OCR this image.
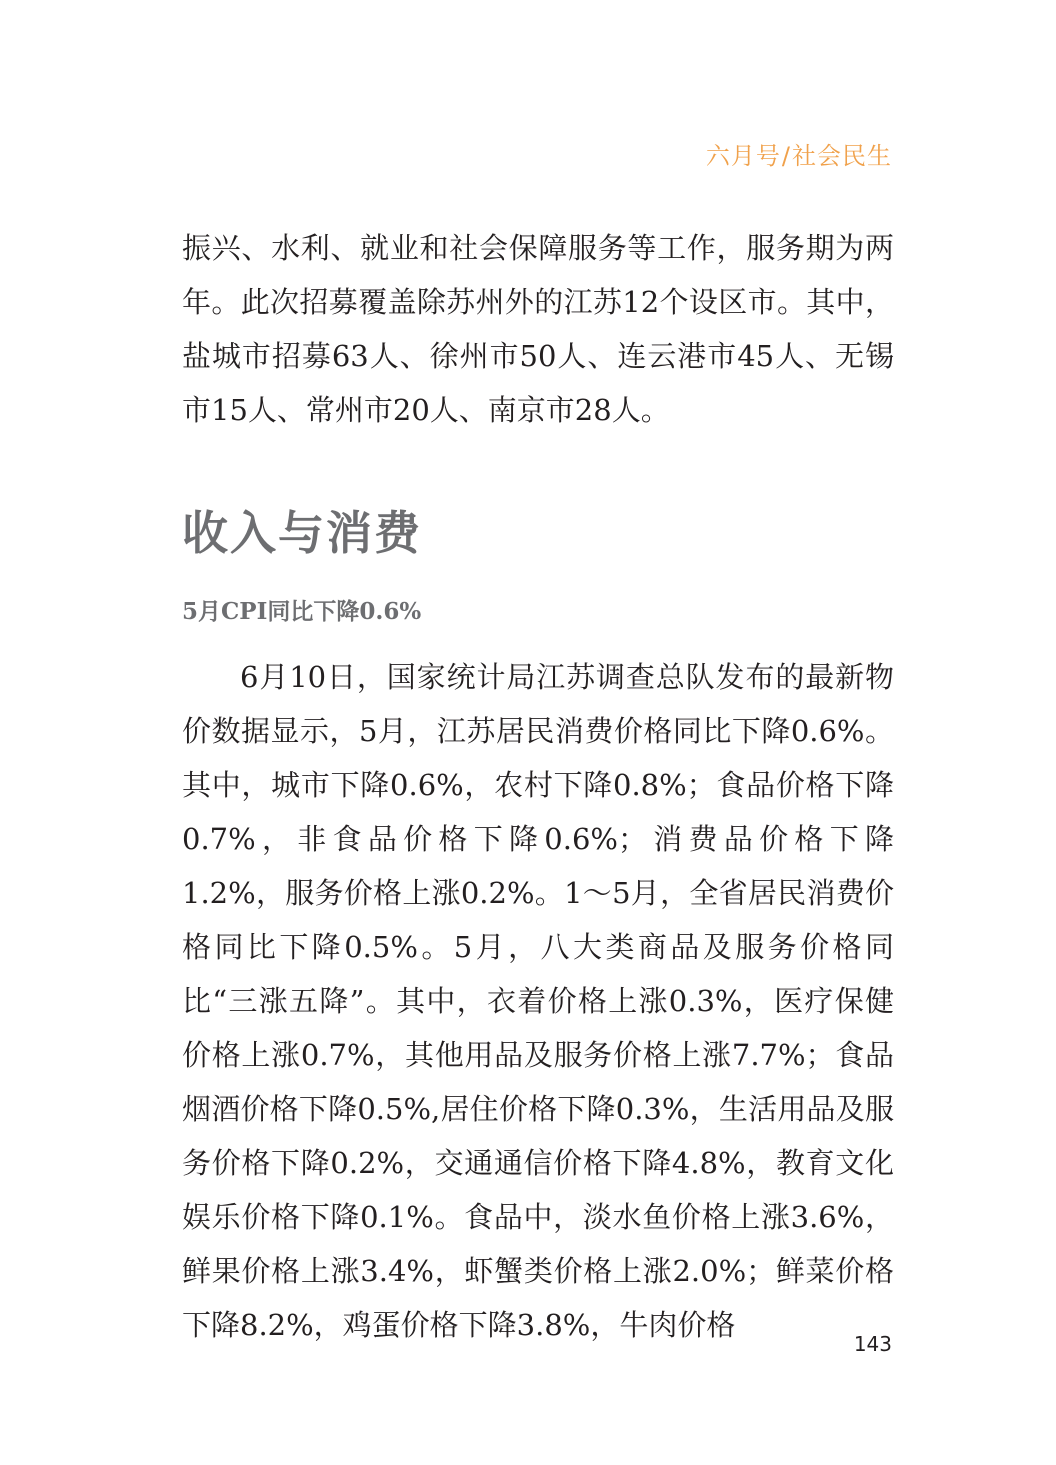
六月号/社会民生

振兴、水利、就业和社会保障服务等工作，服务期为两年。此次招募覆盖除苏州外的江苏12个设区市。其中，盐城市招募63人、徐州市50人、连云港市45人、无锡市15人、常州市20人、南京市28人。

收入与消费
5月CPI同比下降0.6%

6月10日，国家统计局江苏调查总队发布的最新物价数据显示，5月，江苏居民消费价格同比下降0.6%。其中，城市下降0.6%，农村下降0.8%；食品价格下降0.7%，非食品价格下降0.6%；消费品价格下降1.2%，服务价格上涨0.2%。1～5月，全省居民消费价格同比下降0.5%。5月，八大类商品及服务价格同比“三涨五降”。其中，衣着价格上涨0.3%，医疗保健价格上涨0.7%，其他用品及服务价格上涨7.7%；食品烟酒价格下降0.5%,居住价格下降0.3%，生活用品及服务价格下降0.2%，交通通信价格下降4.8%，教育文化娱乐价格下降0.1%。食品中，淡水鱼价格上涨3.6%，鲜果价格上涨3.4%，虾蟹类价格上涨2.0%；鲜菜价格下降8.2%，鸡蛋价格下降3.8%，牛肉价格

143
